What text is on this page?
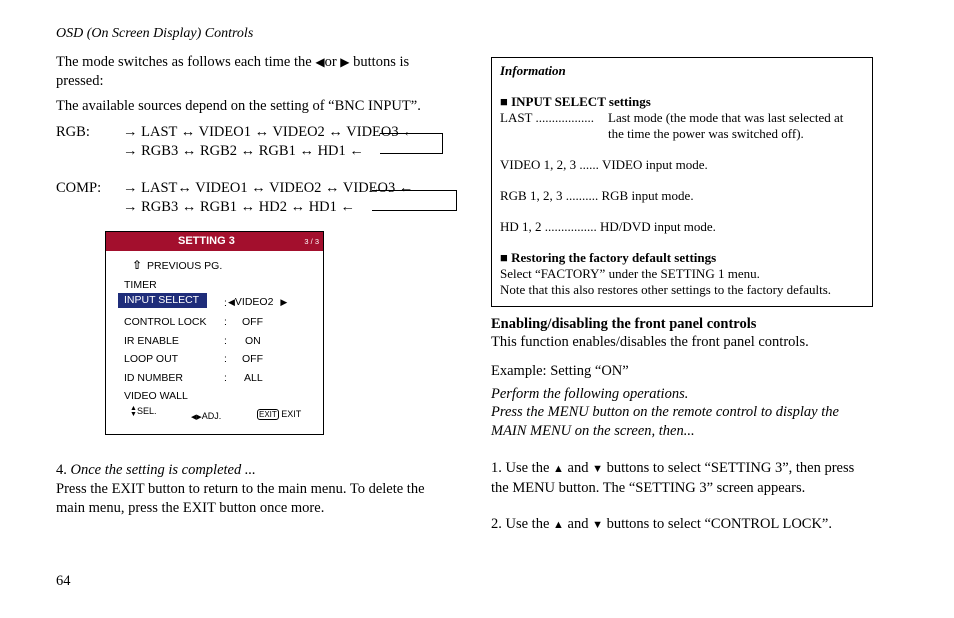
OSD (On Screen Display) Controls
The mode switches as follows each time the ◀or ▶ buttons is
pressed:
The available sources depend on the setting of “BNC INPUT”.
RGB: → LAST ↔ VIDEO1 ↔ VIDEO2 ↔ VIDEO3 ←
→ RGB3 ↔ RGB2 ↔ RGB1 ↔ HD1 ←
COMP: → LAST↔ VIDEO1 ↔ VIDEO2 ↔ VIDEO3 ←
→ RGB3 ↔ RGB1 ↔ HD2 ↔ HD1 ←
SETTING 3	3 / 3
⇧ PREVIOUS PG.
TIMER
INPUT SELECT	: ◀VIDEO2 ▶
CONTROL LOCK : OFF
IR ENABLE	: ON
LOOP OUT	: OFF
ID NUMBER	: ALL
VIDEO WALL
▲
▼SEL.
◀▶ADJ.	EXIT EXIT
4. Once the setting is completed ...
Press the EXIT button to return to the main menu. To delete the
main menu, press the EXIT button once more.
64
Information
■ INPUT SELECT settings
LAST .................. Last mode (the mode that was last selected at
the time the power was switched off).
VIDEO 1, 2, 3 ...... VIDEO input mode.
RGB 1, 2, 3 .......... RGB input mode.
HD 1, 2 ................ HD/DVD input mode.
■ Restoring the factory default settings
Select “FACTORY” under the SETTING 1 menu.
Note that this also restores other settings to the factory defaults.
Enabling/disabling the front panel controls
This function enables/disables the front panel controls.
Example: Setting “ON”
Perform the following operations.
Press the MENU button on the remote control to display the
MAIN MENU on the screen, then...
1. Use the ▲ and ▼ buttons to select “SETTING 3”, then press
the MENU button. The “SETTING 3” screen appears.
2. Use the ▲ and ▼ buttons to select “CONTROL LOCK”.
